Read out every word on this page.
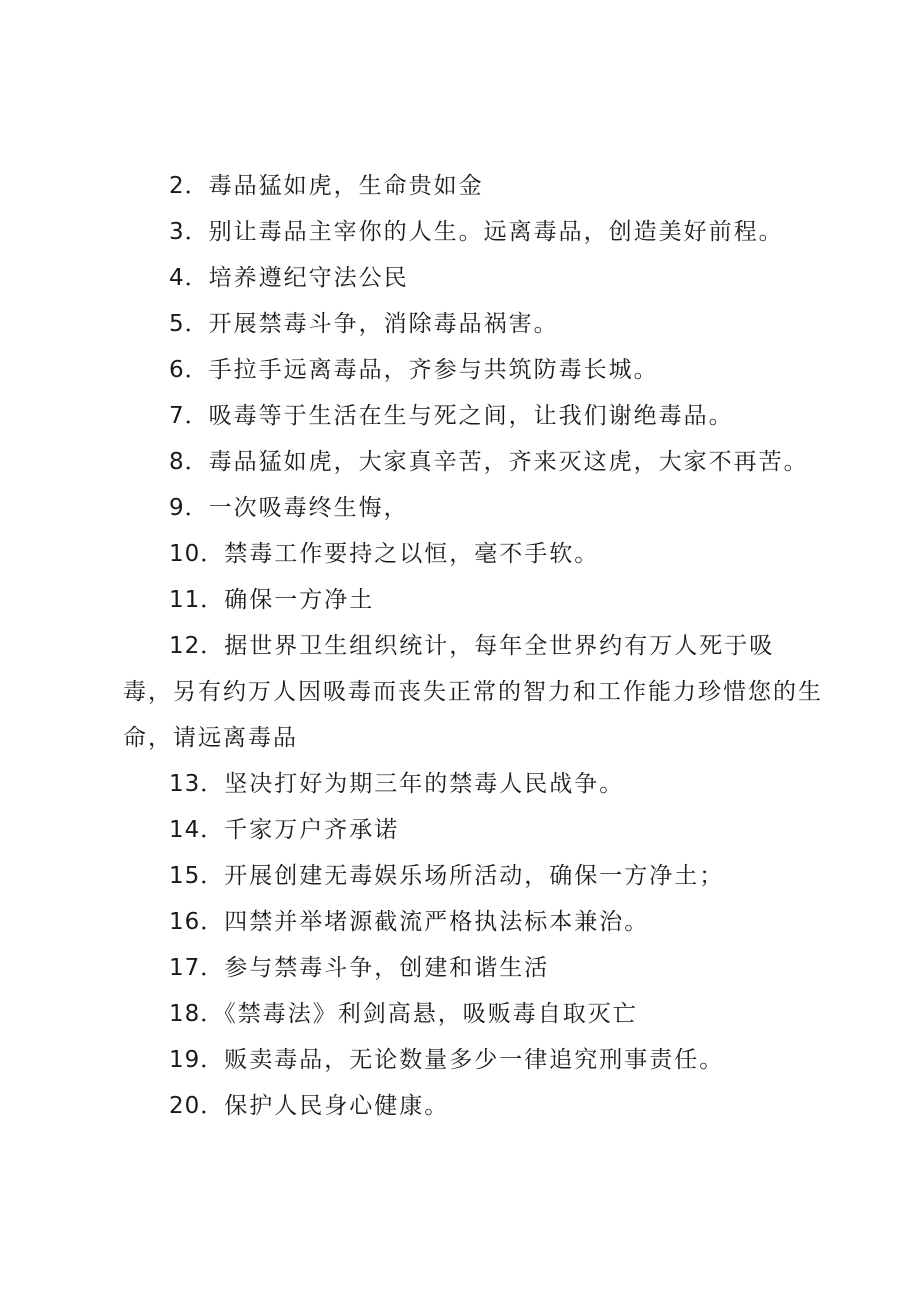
2．毒品猛如虎，生命贵如金

3．别让毒品主宰你的人生。远离毒品，创造美好前程。

4．培养遵纪守法公民

5．开展禁毒斗争，消除毒品祸害。

6．手拉手远离毒品，齐参与共筑防毒长城。

7．吸毒等于生活在生与死之间，让我们谢绝毒品。

8．毒品猛如虎，大家真辛苦，齐来灭这虎，大家不再苦。

9．一次吸毒终生悔，

10．禁毒工作要持之以恒，毫不手软。

11．确保一方净土

12．据世界卫生组织统计，每年全世界约有万人死于吸毒，另有约万人因吸毒而丧失正常的智力和工作能力珍惜您的生命，请远离毒品

13．坚决打好为期三年的禁毒人民战争。

14．千家万户齐承诺

15．开展创建无毒娱乐场所活动，确保一方净土；

16．四禁并举堵源截流严格执法标本兼治。

17．参与禁毒斗争，创建和谐生活

18．《禁毒法》利剑高悬，吸贩毒自取灭亡

19．贩卖毒品，无论数量多少一律追究刑事责任。

20．保护人民身心健康。
